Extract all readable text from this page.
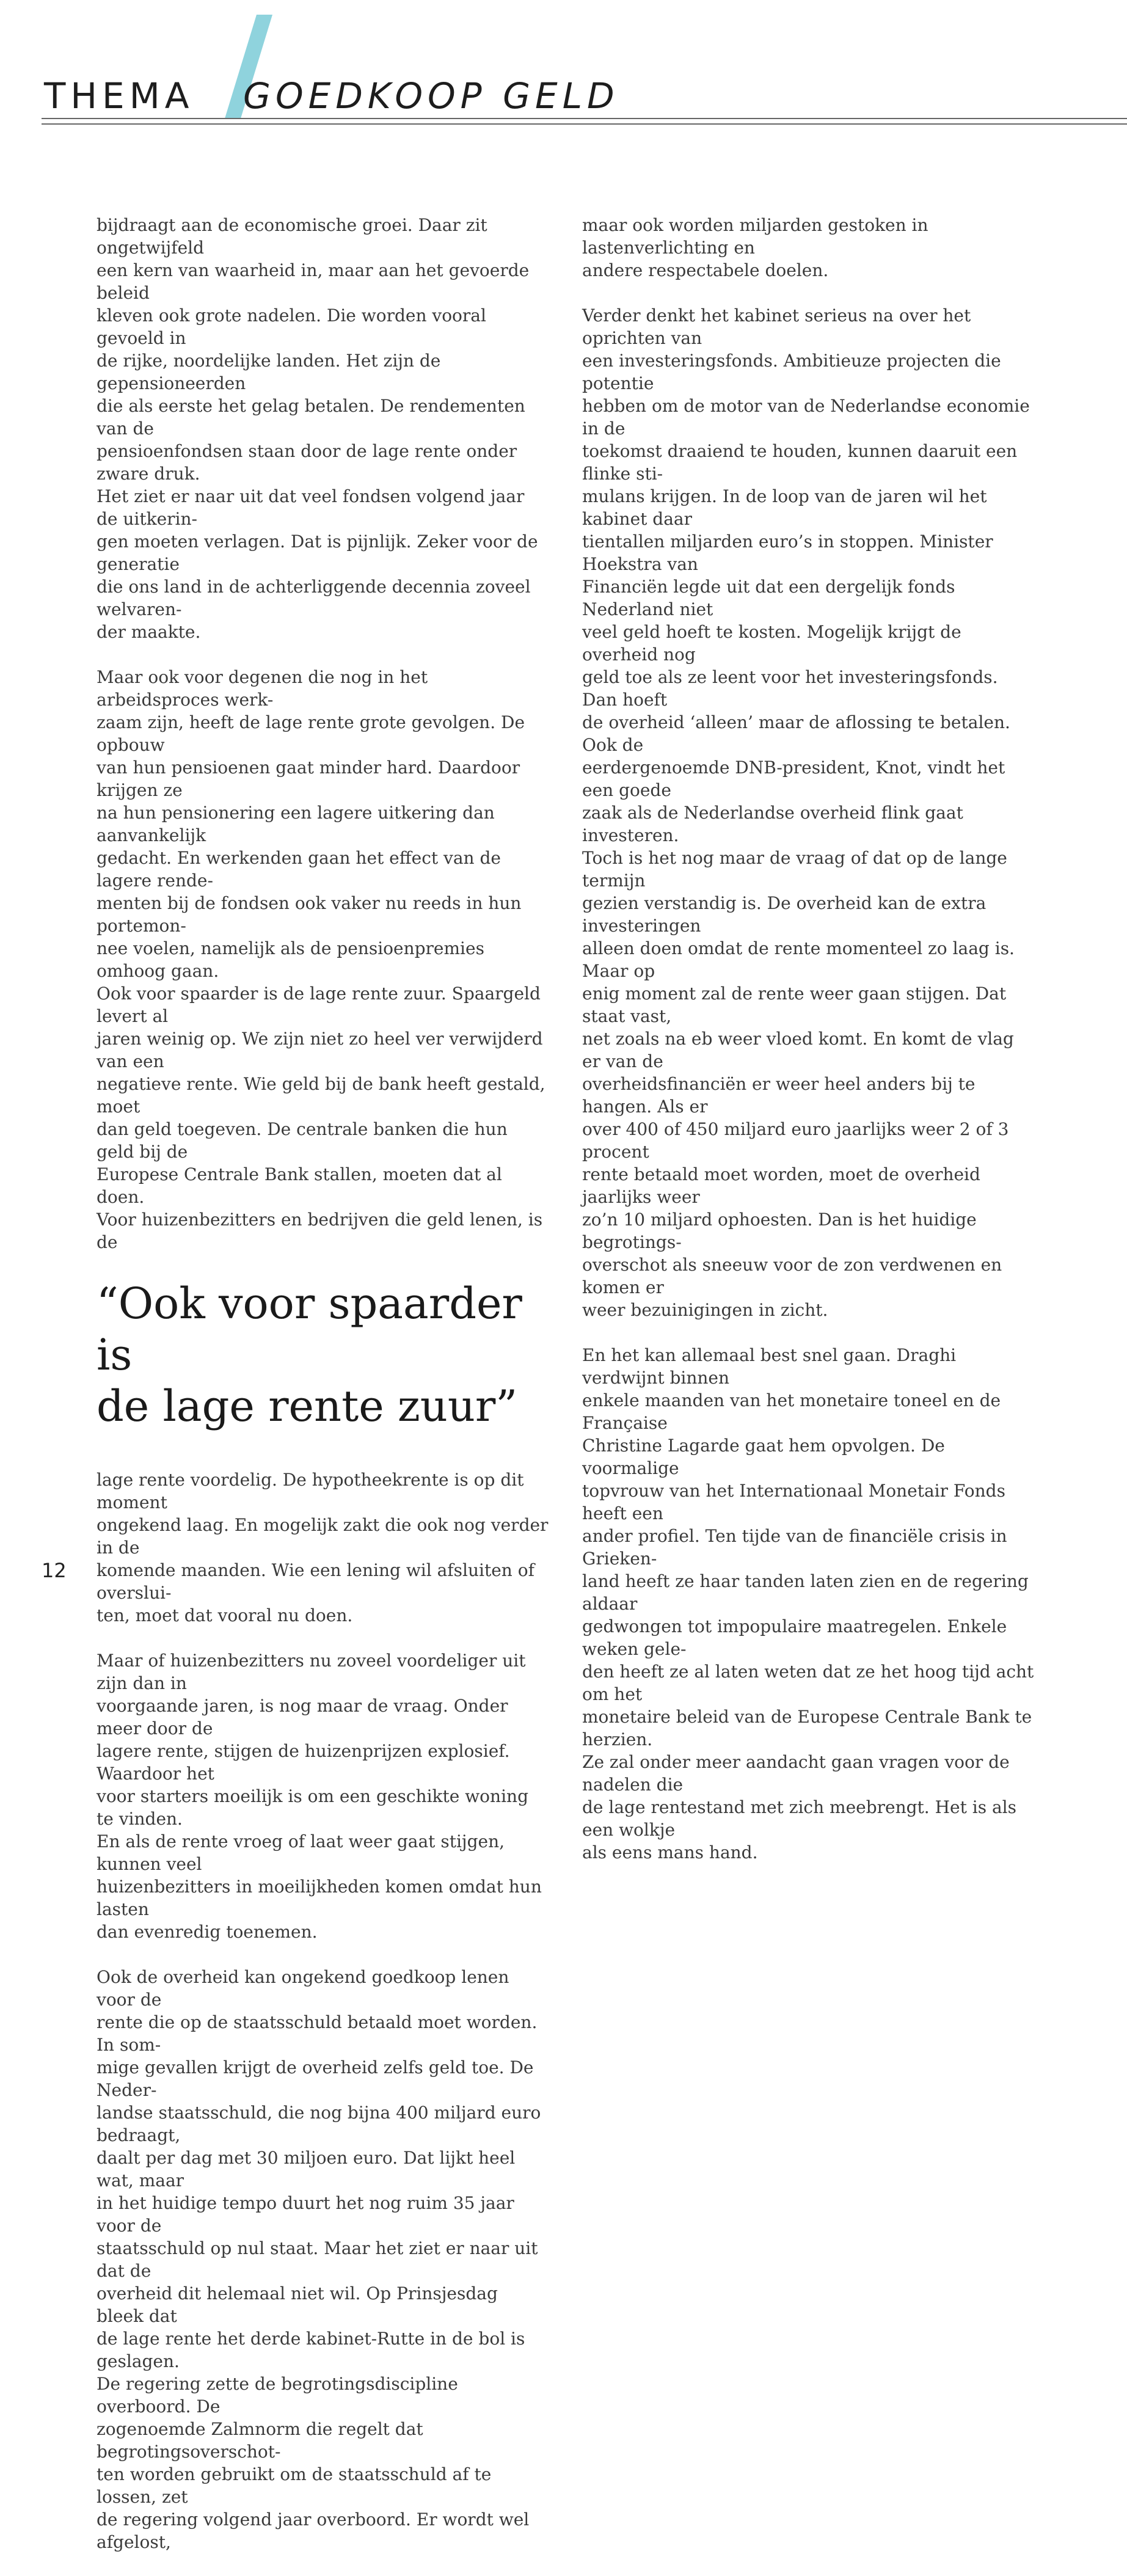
THEMA GOEDKOOP GELD

bijdraagt aan de economische groei. Daar zit ongetwijfeld
een kern van waarheid in, maar aan het gevoerde beleid
kleven ook grote nadelen. Die worden vooral gevoeld in
de rijke, noordelijke landen. Het zijn de gepensioneerden
die als eerste het gelag betalen. De rendementen van de
pensioenfondsen staan door de lage rente onder zware druk.
Het ziet er naar uit dat veel fondsen volgend jaar de uitkerin-
gen moeten verlagen. Dat is pijnlijk. Zeker voor de generatie
die ons land in de achterliggende decennia zoveel welvaren-
der maakte.

Maar ook voor degenen die nog in het arbeidsproces werk-
zaam zijn, heeft de lage rente grote gevolgen. De opbouw
van hun pensioenen gaat minder hard. Daardoor krijgen ze
na hun pensionering een lagere uitkering dan aanvankelijk
gedacht. En werkenden gaan het effect van de lagere rende-
menten bij de fondsen ook vaker nu reeds in hun portemon-
nee voelen, namelijk als de pensioenpremies omhoog gaan.
Ook voor spaarder is de lage rente zuur. Spaargeld levert al
jaren weinig op. We zijn niet zo heel ver verwijderd van een
negatieve rente. Wie geld bij de bank heeft gestald, moet
dan geld toegeven. De centrale banken die hun geld bij de
Europese Centrale Bank stallen, moeten dat al doen.
Voor huizenbezitters en bedrijven die geld lenen, is de

“Ook voor spaarder is
de lage rente zuur”

lage rente voordelig. De hypotheekrente is op dit moment
ongekend laag. En mogelijk zakt die ook nog verder in de
komende maanden. Wie een lening wil afsluiten of overslui-
ten, moet dat vooral nu doen.

Maar of huizenbezitters nu zoveel voordeliger uit zijn dan in
voorgaande jaren, is nog maar de vraag. Onder meer door de
lagere rente, stijgen de huizenprijzen explosief. Waardoor het
voor starters moeilijk is om een geschikte woning te vinden.
En als de rente vroeg of laat weer gaat stijgen, kunnen veel
huizenbezitters in moeilijkheden komen omdat hun lasten
dan evenredig toenemen.

Ook de overheid kan ongekend goedkoop lenen voor de
rente die op de staatsschuld betaald moet worden. In som-
mige gevallen krijgt de overheid zelfs geld toe. De Neder-
landse staatsschuld, die nog bijna 400 miljard euro bedraagt,
daalt per dag met 30 miljoen euro. Dat lijkt heel wat, maar
in het huidige tempo duurt het nog ruim 35 jaar voor de
staatsschuld op nul staat. Maar het ziet er naar uit dat de
overheid dit helemaal niet wil. Op Prinsjesdag bleek dat
de lage rente het derde kabinet-Rutte in de bol is geslagen.
De regering zette de begrotingsdiscipline overboord. De
zogenoemde Zalmnorm die regelt dat begrotingsoverschot-
ten worden gebruikt om de staatsschuld af te lossen, zet
de regering volgend jaar overboord. Er wordt wel afgelost,

maar ook worden miljarden gestoken in lastenverlichting en
andere respectabele doelen.

Verder denkt het kabinet serieus na over het oprichten van
een investeringsfonds. Ambitieuze projecten die potentie
hebben om de motor van de Nederlandse economie in de
toekomst draaiend te houden, kunnen daaruit een flinke sti-
mulans krijgen. In de loop van de jaren wil het kabinet daar
tientallen miljarden euro’s in stoppen. Minister Hoekstra van
Financiën legde uit dat een dergelijk fonds Nederland niet
veel geld hoeft te kosten. Mogelijk krijgt de overheid nog
geld toe als ze leent voor het investeringsfonds. Dan hoeft
de overheid ‘alleen’ maar de aflossing te betalen. Ook de
eerdergenoemde DNB-president, Knot, vindt het een goede
zaak als de Nederlandse overheid flink gaat investeren.
Toch is het nog maar de vraag of dat op de lange termijn
gezien verstandig is. De overheid kan de extra investeringen
alleen doen omdat de rente momenteel zo laag is. Maar op
enig moment zal de rente weer gaan stijgen. Dat staat vast,
net zoals na eb weer vloed komt. En komt de vlag er van de
overheidsfinanciën er weer heel anders bij te hangen. Als er
over 400 of 450 miljard euro jaarlijks weer 2 of 3 procent
rente betaald moet worden, moet de overheid jaarlijks weer
zo’n 10 miljard ophoesten. Dan is het huidige begrotings-
overschot als sneeuw voor de zon verdwenen en komen er
weer bezuinigingen in zicht.

En het kan allemaal best snel gaan. Draghi verdwijnt binnen
enkele maanden van het monetaire toneel en de Française
Christine Lagarde gaat hem opvolgen. De voormalige
topvrouw van het Internationaal Monetair Fonds heeft een
ander profiel. Ten tijde van de financiële crisis in Grieken-
land heeft ze haar tanden laten zien en de regering aldaar
gedwongen tot impopulaire maatregelen. Enkele weken gele-
den heeft ze al laten weten dat ze het hoog tijd acht om het
monetaire beleid van de Europese Centrale Bank te herzien.
Ze zal onder meer aandacht gaan vragen voor de nadelen die
de lage rentestand met zich meebrengt. Het is als een wolkje
als eens mans hand.

12
